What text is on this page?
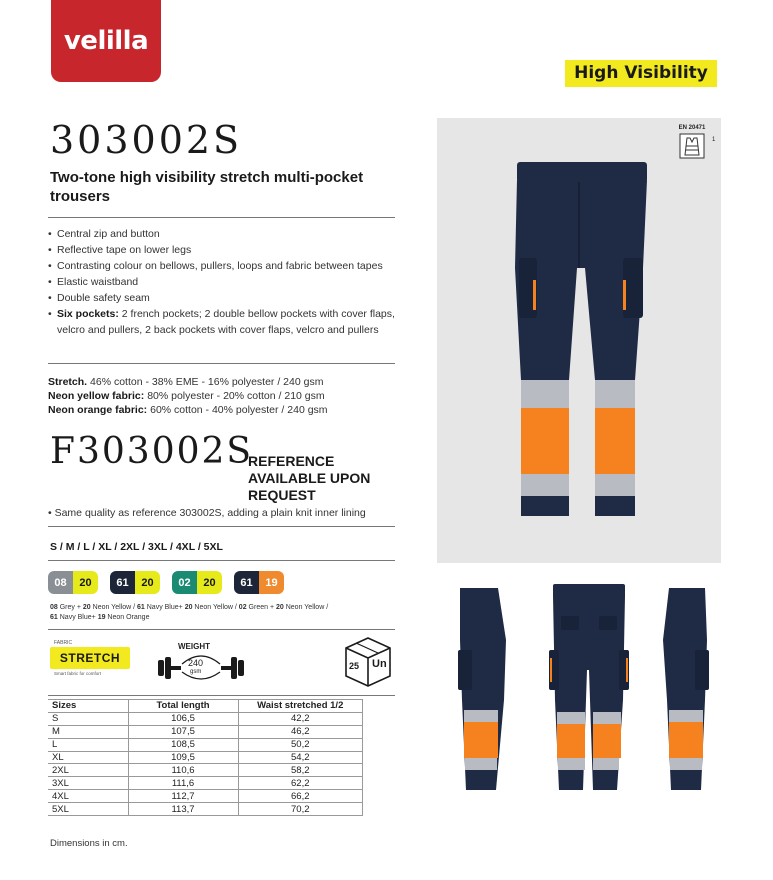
velilla
High Visibility
303002S
Two-tone high visibility stretch multi-pocket trousers
• Central zip and button
• Reflective tape on lower legs
• Contrasting colour on bellows, pullers, loops and fabric between tapes
• Elastic waistband
• Double safety seam
• Six pockets: 2 french pockets; 2 double bellow pockets with cover flaps, velcro and pullers, 2 back pockets with cover flaps, velcro and pullers
Stretch. 46% cotton - 38% EME - 16% polyester / 240 gsm
Neon yellow fabric: 80% polyester - 20% cotton / 210 gsm
Neon orange fabric: 60% cotton - 40% polyester / 240 gsm
F303002S
REFERENCE AVAILABLE UPON REQUEST
• Same quality as reference 303002S, adding a plain knit inner lining
S / M / L / XL / 2XL / 3XL / 4XL / 5XL
08	20	61	20	02	20	61	19
08 Grey + 20 Neon Yellow / 61 Navy Blue+ 20 Neon Yellow / 02 Green + 20 Neon Yellow /
61 Navy Blue+ 19 Neon Orange
FABRIC
STRETCH
Smart fabric for comfort
WEIGHT
240
gsm
25 Un
Sizes	Total length	Waist stretched 1/2
S	106,5	42,2
M	107,5	46,2
L	108,5	50,2
XL	109,5	54,2
2XL	110,6	58,2
3XL	111,6	62,2
4XL	112,7	66,2
5XL	113,7	70,2
Dimensions in cm.
EN 20471
1
